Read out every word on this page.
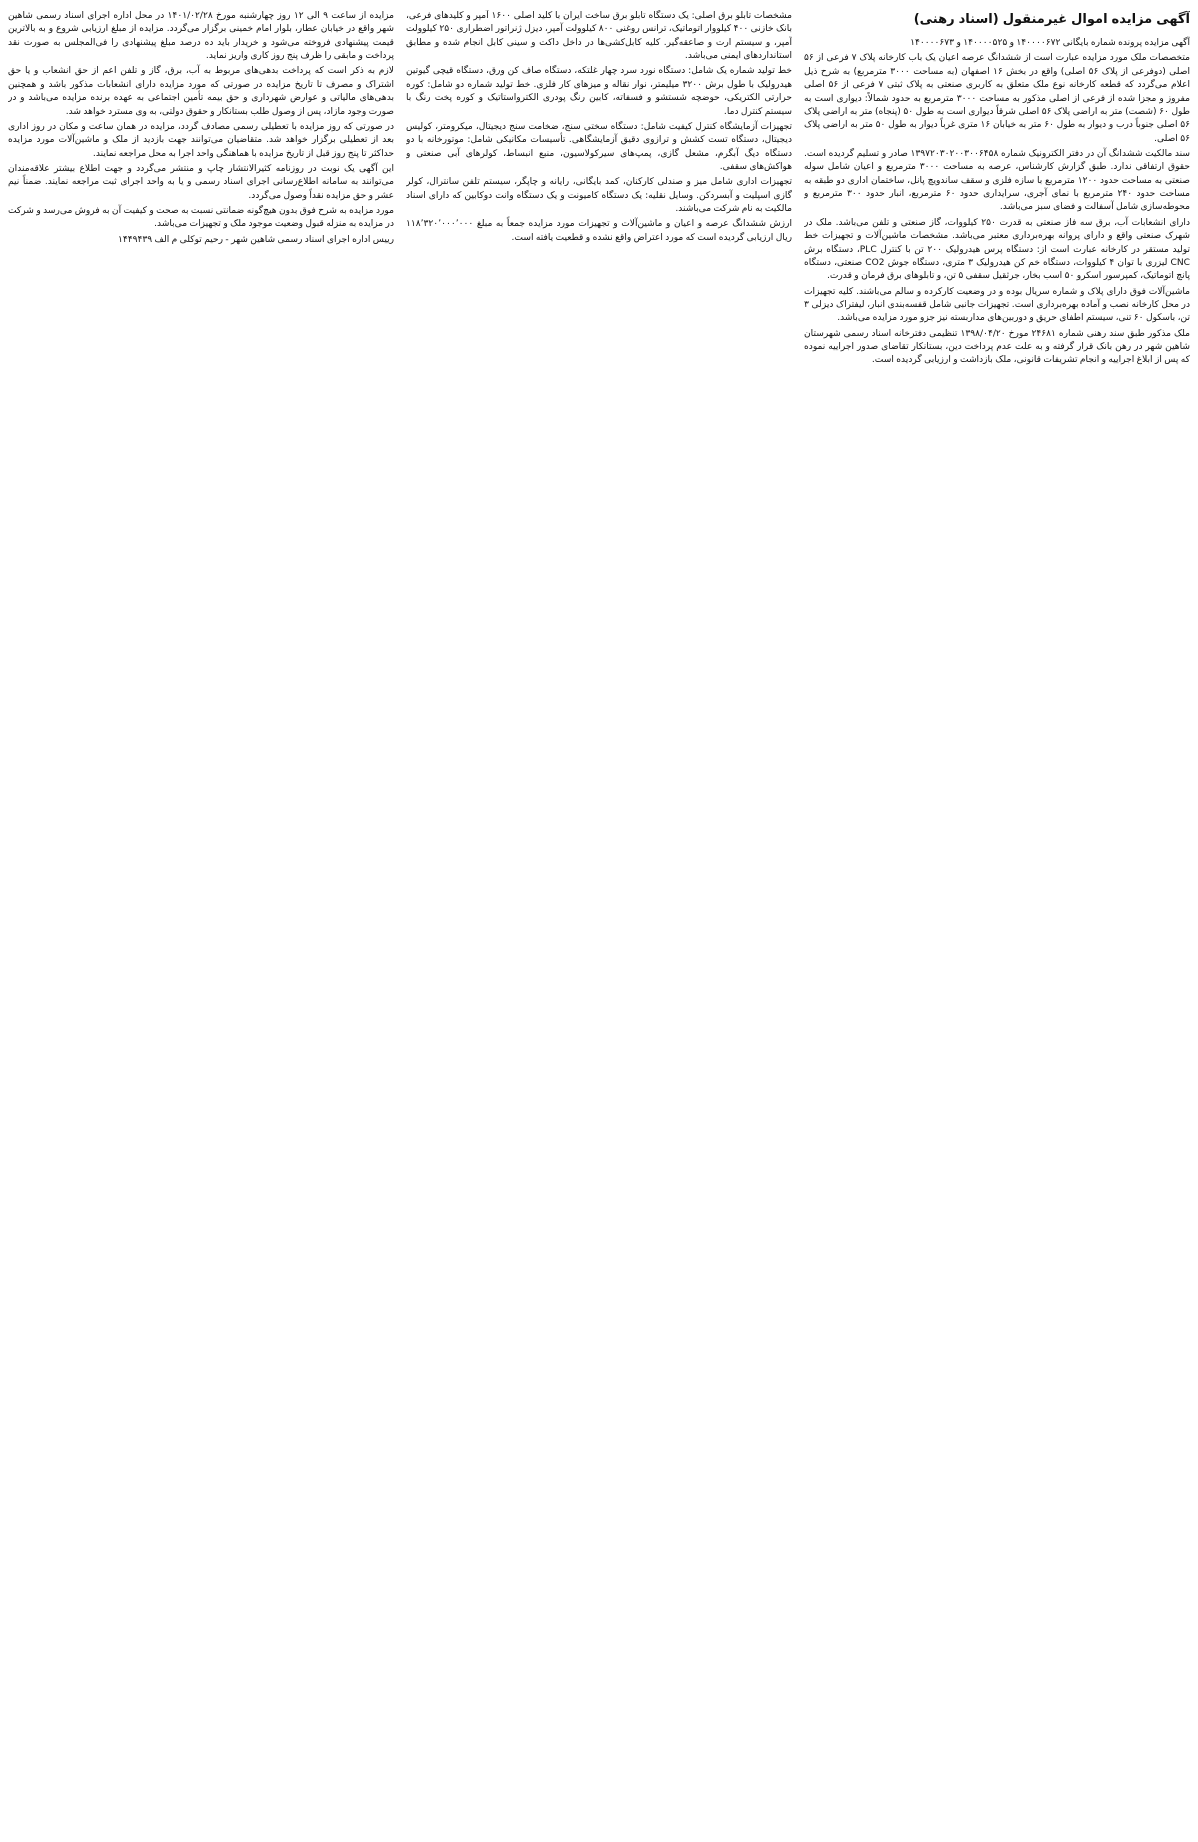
آگهی مزایده اموال غیرمنقول (اسناد رهنی)

آگهی مزایده پرونده شماره بایگانی ۱۴۰۰۰۰۶۷۲ و ۱۴۰۰۰۰۵۲۵ و ۱۴۰۰۰۰۶۷۳

متخصصات ملک مورد مزایده عبارت است از ششدانگ عرصه اعیان یک باب کارخانه پلاک ۷ فرعی از ۵۶ اصلی (دوفرعی از پلاک ۵۶ اصلی) واقع در بخش ۱۶ اصفهان (به مساحت ۳۰۰۰ مترمربع) به شرح ذیل اعلام می‌گردد که قطعه کارخانه نوع ملک متعلق به کاربری صنعتی به پلاک ثبتی ۷ فرعی از ۵۶ اصلی مفروز و مجزا شده از فرعی از اصلی مذکور به مساحت ۳۰۰۰ مترمربع به حدود شمالاً: دیواری است به طول ۶۰ (شصت) متر به اراضی پلاک ۵۶ اصلی شرقاً دیواری است به طول ۵۰ (پنجاه) متر به اراضی پلاک ۵۶ اصلی جنوباً درب و دیوار به طول ۶۰ متر به خیابان ۱۶ متری غرباً دیوار به طول ۵۰ متر به اراضی پلاک ۵۶ اصلی.

سند مالکیت ششدانگ آن در دفتر الکترونیک شماره ۱۳۹۷۲۰۳۰۲۰۰۳۰۰۶۴۵۸ صادر و تسلیم گردیده است. حقوق ارتفاقی ندارد. طبق گزارش کارشناس، عرصه به مساحت ۳۰۰۰ مترمربع و اعیان شامل سوله صنعتی به مساحت حدود ۱۲۰۰ مترمربع با سازه فلزی و سقف ساندویچ پانل، ساختمان اداری دو طبقه به مساحت حدود ۲۴۰ مترمربع با نمای آجری، سرایداری حدود ۶۰ مترمربع، انبار حدود ۳۰۰ مترمربع و محوطه‌سازی شامل آسفالت و فضای سبز می‌باشد.

دارای انشعابات آب، برق سه فاز صنعتی به قدرت ۲۵۰ کیلووات، گاز صنعتی و تلفن می‌باشد. ملک در شهرک صنعتی واقع و دارای پروانه بهره‌برداری معتبر می‌باشد. مشخصات ماشین‌آلات و تجهیزات خط تولید مستقر در کارخانه عبارت است از: دستگاه پرس هیدرولیک ۲۰۰ تن با کنترل PLC، دستگاه برش CNC لیزری با توان ۴ کیلووات، دستگاه خم کن هیدرولیک ۳ متری، دستگاه جوش CO2 صنعتی، دستگاه پانچ اتوماتیک، کمپرسور اسکرو ۵۰ اسب بخار، جرثقیل سقفی ۵ تن، و تابلوهای برق فرمان و قدرت.

ماشین‌آلات فوق دارای پلاک و شماره سریال بوده و در وضعیت کارکرده و سالم می‌باشند. کلیه تجهیزات در محل کارخانه نصب و آماده بهره‌برداری است. تجهیزات جانبی شامل قفسه‌بندی انبار، لیفتراک دیزلی ۳ تن، باسکول ۶۰ تنی، سیستم اطفای حریق و دوربین‌های مداربسته نیز جزو مورد مزایده می‌باشد.

ملک مذکور طبق سند رهنی شماره ۲۴۶۸۱ مورخ ۱۳۹۸/۰۴/۲۰ تنظیمی دفترخانه اسناد رسمی شهرستان شاهین شهر در رهن بانک قرار گرفته و به علت عدم پرداخت دین، بستانکار تقاضای صدور اجراییه نموده که پس از ابلاغ اجراییه و انجام تشریفات قانونی، ملک بازداشت و ارزیابی گردیده است.

مشخصات تابلو برق اصلی: یک دستگاه تابلو برق ساخت ایران با کلید اصلی ۱۶۰۰ آمپر و کلیدهای فرعی، بانک خازنی ۴۰۰ کیلووار اتوماتیک، ترانس روغنی ۸۰۰ کیلوولت آمپر، دیزل ژنراتور اضطراری ۲۵۰ کیلوولت آمپر، و سیستم ارت و صاعقه‌گیر. کلیه کابل‌کشی‌ها در داخل داکت و سینی کابل انجام شده و مطابق استانداردهای ایمنی می‌باشد.

خط تولید شماره یک شامل: دستگاه نورد سرد چهار غلتکه، دستگاه صاف کن ورق، دستگاه قیچی گیوتین هیدرولیک با طول برش ۳۲۰۰ میلیمتر، نوار نقاله و میزهای کار فلزی. خط تولید شماره دو شامل: کوره حرارتی الکتریکی، حوضچه شستشو و فسفاته، کابین رنگ پودری الکترواستاتیک و کوره پخت رنگ با سیستم کنترل دما.

تجهیزات آزمایشگاه کنترل کیفیت شامل: دستگاه سختی سنج، ضخامت سنج دیجیتال، میکرومتر، کولیس دیجیتال، دستگاه تست کشش و ترازوی دقیق آزمایشگاهی. تأسیسات مکانیکی شامل: موتورخانه با دو دستگاه دیگ آبگرم، مشعل گازی، پمپ‌های سیرکولاسیون، منبع انبساط، کولرهای آبی صنعتی و هواکش‌های سقفی.

تجهیزات اداری شامل میز و صندلی کارکنان، کمد بایگانی، رایانه و چاپگر، سیستم تلفن سانترال، کولر گازی اسپلیت و آبسردکن. وسایل نقلیه: یک دستگاه کامیونت و یک دستگاه وانت دوکابین که دارای اسناد مالکیت به نام شرکت می‌باشند.

ارزش ششدانگ عرصه و اعیان و ماشین‌آلات و تجهیزات مورد مزایده جمعاً به مبلغ ۱۱۸٬۳۲۰٬۰۰۰٬۰۰۰ ریال ارزیابی گردیده است که مورد اعتراض واقع نشده و قطعیت یافته است.

مزایده از ساعت ۹ الی ۱۲ روز چهارشنبه مورخ ۱۴۰۱/۰۲/۲۸ در محل اداره اجرای اسناد رسمی شاهین شهر واقع در خیابان عطار، بلوار امام خمینی برگزار می‌گردد. مزایده از مبلغ ارزیابی شروع و به بالاترین قیمت پیشنهادی فروخته می‌شود و خریدار باید ده درصد مبلغ پیشنهادی را فی‌المجلس به صورت نقد پرداخت و مابقی را ظرف پنج روز کاری واریز نماید.

لازم به ذکر است که پرداخت بدهی‌های مربوط به آب، برق، گاز و تلفن اعم از حق انشعاب و یا حق اشتراک و مصرف تا تاریخ مزایده در صورتی که مورد مزایده دارای انشعابات مذکور باشد و همچنین بدهی‌های مالیاتی و عوارض شهرداری و حق بیمه تأمین اجتماعی به عهده برنده مزایده می‌باشد و در صورت وجود مازاد، پس از وصول طلب بستانکار و حقوق دولتی، به وی مسترد خواهد شد.

در صورتی که روز مزایده با تعطیلی رسمی مصادف گردد، مزایده در همان ساعت و مکان در روز اداری بعد از تعطیلی برگزار خواهد شد. متقاضیان می‌توانند جهت بازدید از ملک و ماشین‌آلات مورد مزایده حداکثر تا پنج روز قبل از تاریخ مزایده با هماهنگی واحد اجرا به محل مراجعه نمایند.

این آگهی یک نوبت در روزنامه کثیرالانتشار چاپ و منتشر می‌گردد و جهت اطلاع بیشتر علاقه‌مندان می‌توانند به سامانه اطلاع‌رسانی اجرای اسناد رسمی و یا به واحد اجرای ثبت مراجعه نمایند. ضمناً نیم عشر و حق مزایده نقداً وصول می‌گردد.

مورد مزایده به شرح فوق بدون هیچ‌گونه ضمانتی نسبت به صحت و کیفیت آن به فروش می‌رسد و شرکت در مزایده به منزله قبول وضعیت موجود ملک و تجهیزات می‌باشد.

رییس اداره اجرای اسناد رسمی شاهین شهر - رحیم توکلی م الف ۱۴۴۹۴۳۹
